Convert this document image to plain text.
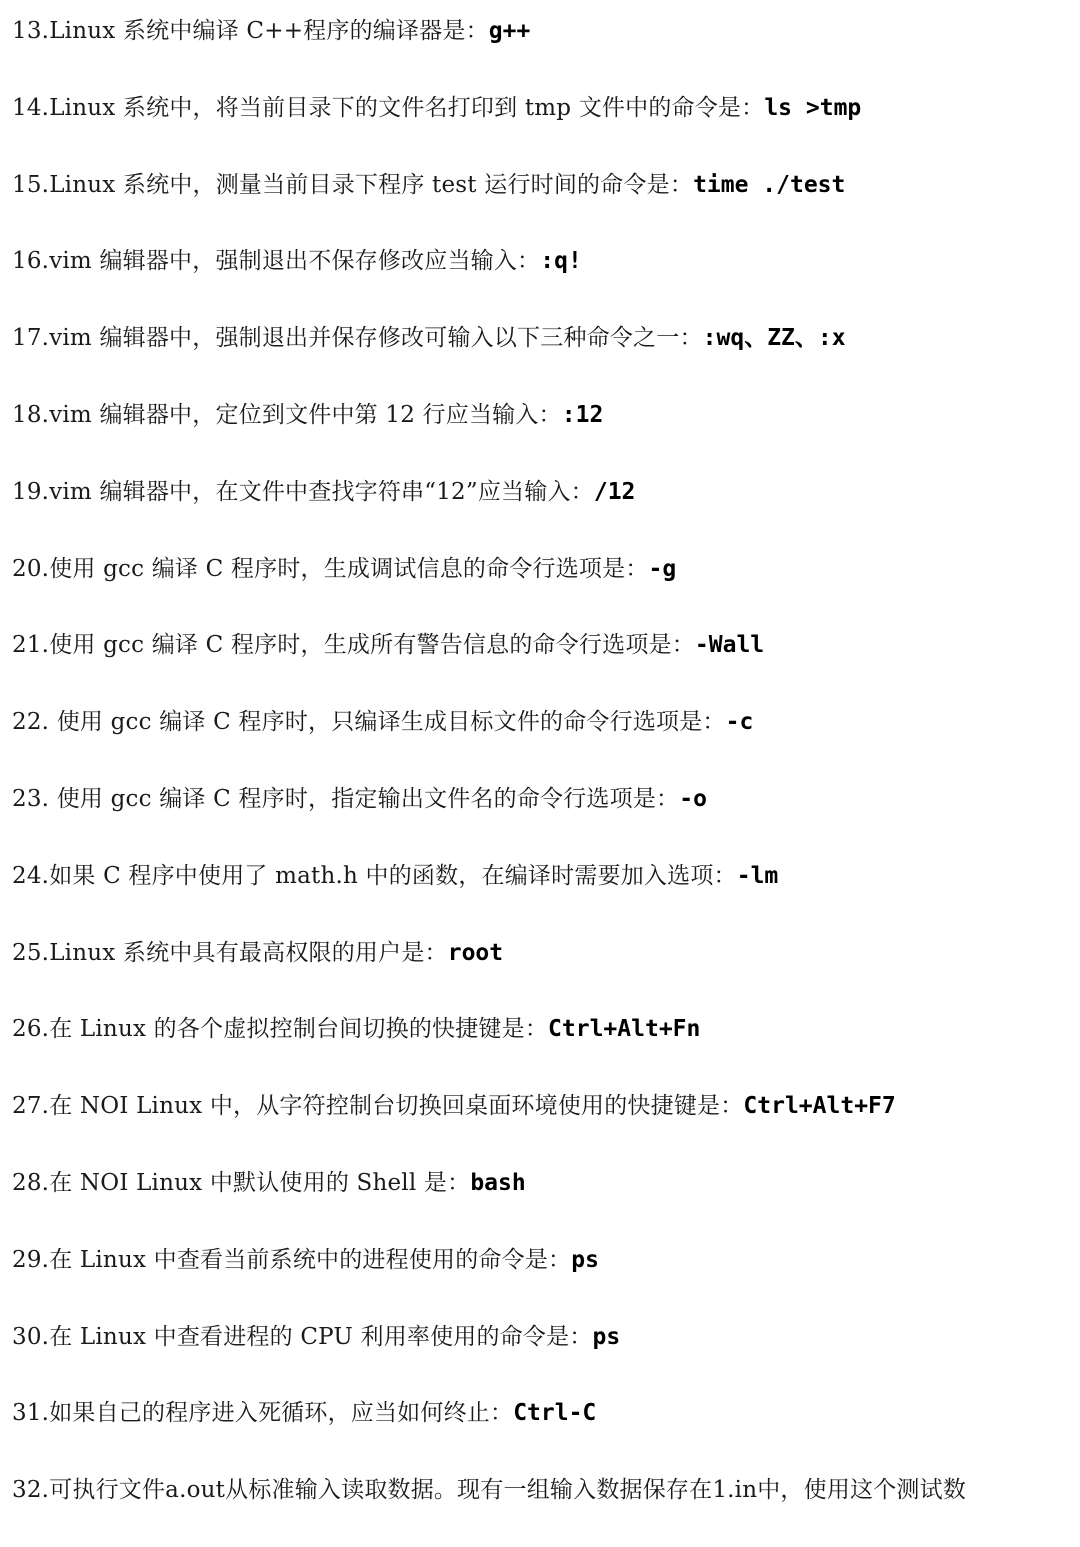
13.Linux 系统中编译 C++程序的编译器是：g++
14.Linux 系统中，将当前目录下的文件名打印到 tmp 文件中的命令是：ls >tmp
15.Linux 系统中，测量当前目录下程序 test 运行时间的命令是：time ./test
16.vim 编辑器中，强制退出不保存修改应当输入：:q!
17.vim 编辑器中，强制退出并保存修改可输入以下三种命令之一：:wq、ZZ、:x
18.vim 编辑器中，定位到文件中第 12 行应当输入：:12
19.vim 编辑器中，在文件中查找字符串“12”应当输入：/12
20.使用 gcc 编译 C 程序时，生成调试信息的命令行选项是：-g
21.使用 gcc 编译 C 程序时，生成所有警告信息的命令行选项是：-Wall
22. 使用 gcc 编译 C 程序时，只编译生成目标文件的命令行选项是：-c
23. 使用 gcc 编译 C 程序时，指定输出文件名的命令行选项是：-o
24.如果 C 程序中使用了 math.h 中的函数，在编译时需要加入选项：-lm
25.Linux 系统中具有最高权限的用户是：root
26.在 Linux 的各个虚拟控制台间切换的快捷键是：Ctrl+Alt+Fn
27.在 NOI Linux 中，从字符控制台切换回桌面环境使用的快捷键是：Ctrl+Alt+F7
28.在 NOI Linux 中默认使用的 Shell 是：bash
29.在 Linux 中查看当前系统中的进程使用的命令是：ps
30.在 Linux 中查看进程的 CPU 利用率使用的命令是：ps
31.如果自己的程序进入死循环，应当如何终止：Ctrl-C
32.可执行文件a.out从标准输入读取数据。现有一组输入数据保存在1.in中，使用这个测试数
